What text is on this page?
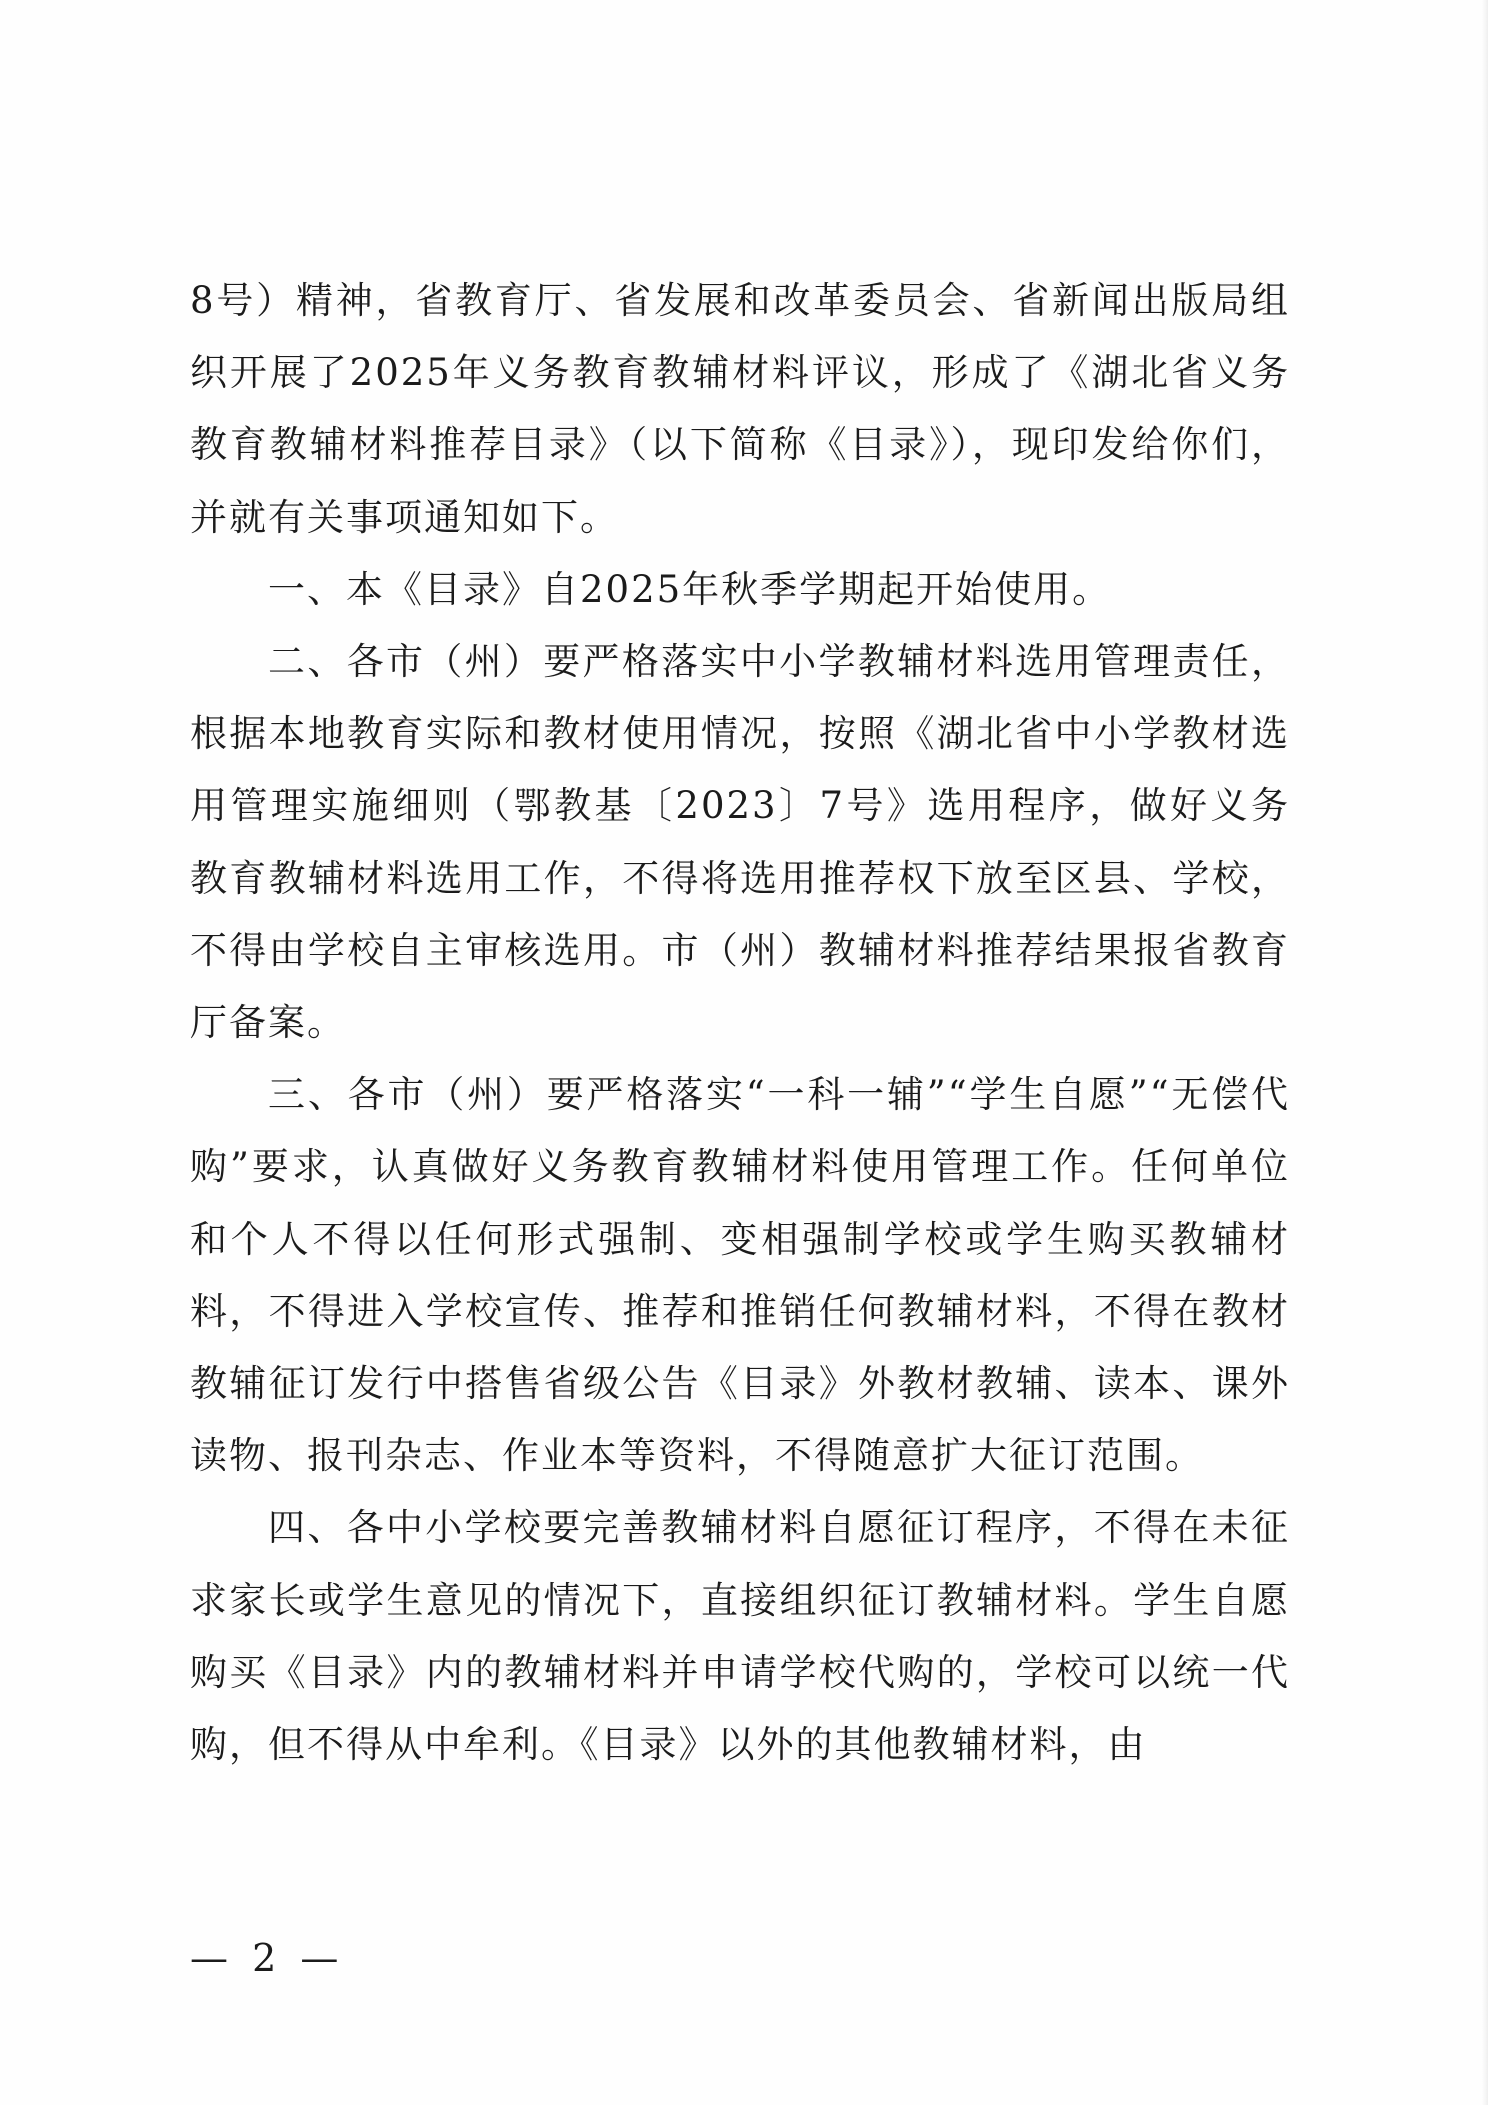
8号）精神，省教育厅、省发展和改革委员会、省新闻出版局组织开展了2025年义务教育教辅材料评议，形成了《湖北省义务教育教辅材料推荐目录》（以下简称《目录》），现印发给你们，并就有关事项通知如下。

一、本《目录》自2025年秋季学期起开始使用。

二、各市（州）要严格落实中小学教辅材料选用管理责任，根据本地教育实际和教材使用情况，按照《湖北省中小学教材选用管理实施细则（鄂教基〔2023〕7号》选用程序，做好义务教育教辅材料选用工作，不得将选用推荐权下放至区县、学校，不得由学校自主审核选用。市（州）教辅材料推荐结果报省教育厅备案。

三、各市（州）要严格落实“一科一辅”“学生自愿”“无偿代购”要求，认真做好义务教育教辅材料使用管理工作。任何单位和个人不得以任何形式强制、变相强制学校或学生购买教辅材料，不得进入学校宣传、推荐和推销任何教辅材料，不得在教材教辅征订发行中搭售省级公告《目录》外教材教辅、读本、课外读物、报刊杂志、作业本等资料，不得随意扩大征订范围。

四、各中小学校要完善教辅材料自愿征订程序，不得在未征求家长或学生意见的情况下，直接组织征订教辅材料。学生自愿购买《目录》内的教辅材料并申请学校代购的，学校可以统一代购，但不得从中牟利。《目录》以外的其他教辅材料，由

— 2 —
